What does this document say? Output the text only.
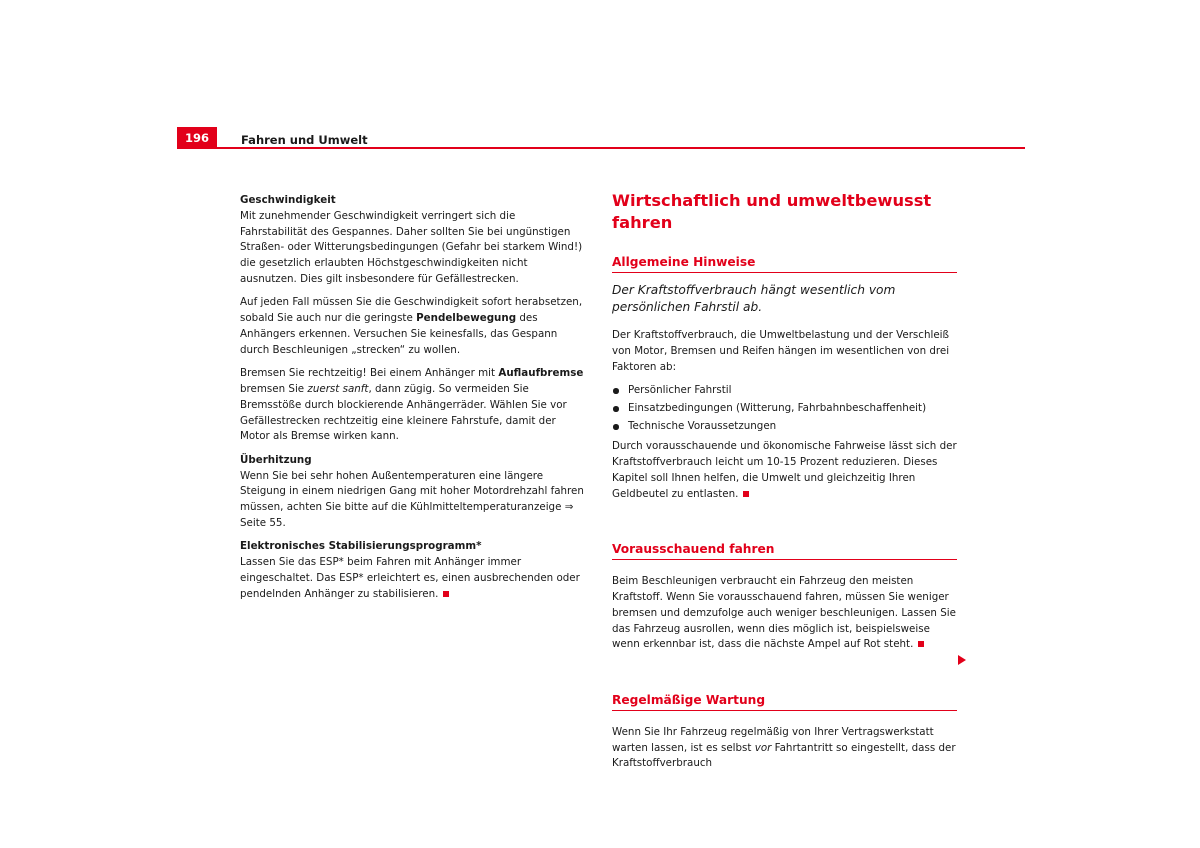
196	Fahren und Umwelt

Geschwindigkeit

Mit zunehmender Geschwindigkeit verringert sich die Fahrstabilität des Gespannes. Daher sollten Sie bei ungünstigen Straßen- oder Witterungsbedingungen (Gefahr bei starkem Wind!) die gesetzlich erlaubten Höchstgeschwindigkeiten nicht ausnutzen. Dies gilt insbesondere für Gefällestrecken.

Auf jeden Fall müssen Sie die Geschwindigkeit sofort herabsetzen, sobald Sie auch nur die geringste Pendelbewegung des Anhängers erkennen. Versuchen Sie keinesfalls, das Gespann durch Beschleunigen „strecken“ zu wollen.

Bremsen Sie rechtzeitig! Bei einem Anhänger mit Auflaufbremse bremsen Sie zuerst sanft, dann zügig. So vermeiden Sie Bremsstöße durch blockierende Anhängerräder. Wählen Sie vor Gefällestrecken rechtzeitig eine kleinere Fahrstufe, damit der Motor als Bremse wirken kann.

Überhitzung

Wenn Sie bei sehr hohen Außentemperaturen eine längere Steigung in einem niedrigen Gang mit hoher Motordrehzahl fahren müssen, achten Sie bitte auf die Kühlmitteltemperaturanzeige ⇒ Seite 55.

Elektronisches Stabilisierungsprogramm*

Lassen Sie das ESP* beim Fahren mit Anhänger immer eingeschaltet. Das ESP* erleichtert es, einen ausbrechenden oder pendelnden Anhänger zu stabilisieren.

Wirtschaftlich und umweltbewusst fahren
Allgemeine Hinweise
Der Kraftstoffverbrauch hängt wesentlich vom persönlichen Fahrstil ab.

Der Kraftstoffverbrauch, die Umweltbelastung und der Verschleiß von Motor, Bremsen und Reifen hängen im wesentlichen von drei Faktoren ab:

Persönlicher Fahrstil
Einsatzbedingungen (Witterung, Fahrbahnbeschaffenheit)
Technische Voraussetzungen

Durch vorausschauende und ökonomische Fahrweise lässt sich der Kraftstoffverbrauch leicht um 10-15 Prozent reduzieren. Dieses Kapitel soll Ihnen helfen, die Umwelt und gleichzeitig Ihren Geldbeutel zu entlasten.

Vorausschauend fahren

Beim Beschleunigen verbraucht ein Fahrzeug den meisten Kraftstoff. Wenn Sie vorausschauend fahren, müssen Sie weniger bremsen und demzufolge auch weniger beschleunigen. Lassen Sie das Fahrzeug ausrollen, wenn dies möglich ist, beispielsweise wenn erkennbar ist, dass die nächste Ampel auf Rot steht.

Regelmäßige Wartung

Wenn Sie Ihr Fahrzeug regelmäßig von Ihrer Vertragswerkstatt warten lassen, ist es selbst vor Fahrtantritt so eingestellt, dass der Kraftstoffverbrauch
